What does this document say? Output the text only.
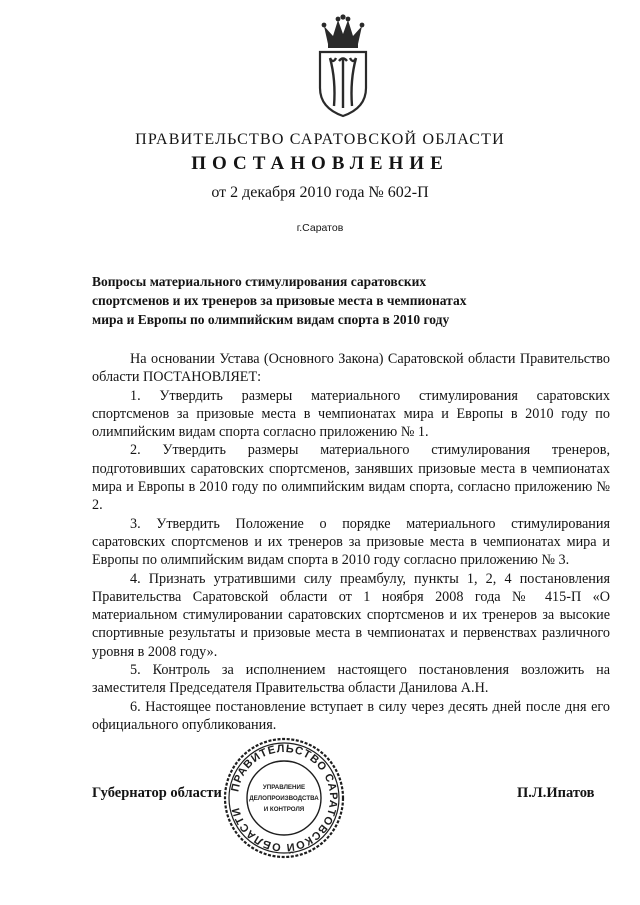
ПРАВИТЕЛЬСТВО САРАТОВСКОЙ ОБЛАСТИ
ПОСТАНОВЛЕНИЕ
от 2 декабря 2010 года № 602-П
г.Саратов
Вопросы материального стимулирования саратовских
спортсменов и их тренеров за призовые места в чемпионатах
мира и Европы по олимпийским видам спорта в 2010 году

На основании Устава (Основного Закона) Саратовской области Правительство области ПОСТАНОВЛЯЕТ:

1. Утвердить размеры материального стимулирования саратовских спортсменов за призовые места в чемпионатах мира и Европы в 2010 году по олимпийским видам спорта согласно приложению № 1.

2. Утвердить размеры материального стимулирования тренеров, подготовивших саратовских спортсменов, занявших призовые места в чемпионатах мира и Европы в 2010 году по олимпийским видам спорта, согласно приложению № 2.

3. Утвердить Положение о порядке материального стимулирования саратовских спортсменов и их тренеров за призовые места в чемпионатах мира и Европы по олимпийским видам спорта в 2010 году согласно приложению № 3.

4. Признать утратившими силу преамбулу, пункты 1, 2, 4 постановления Правительства Саратовской области от 1 ноября 2008 года № 415-П «О материальном стимулировании саратовских спортсменов и их тренеров за высокие спортивные результаты и призовые места в чемпионатах и первенствах различного уровня в 2008 году».

5. Контроль за исполнением настоящего постановления возложить на заместителя Председателя Правительства области Данилова А.Н.

6. Настоящее постановление вступает в силу через десять дней после дня его официального опубликования.

Губернатор области	П.Л.Ипатов
ПРАВИТЕЛЬСТВО САРАТОВСКОЙ ОБЛАСТИ
УПРАВЛЕНИЕ
ДЕЛОПРОИЗВОДСТВА
И КОНТРОЛЯ
